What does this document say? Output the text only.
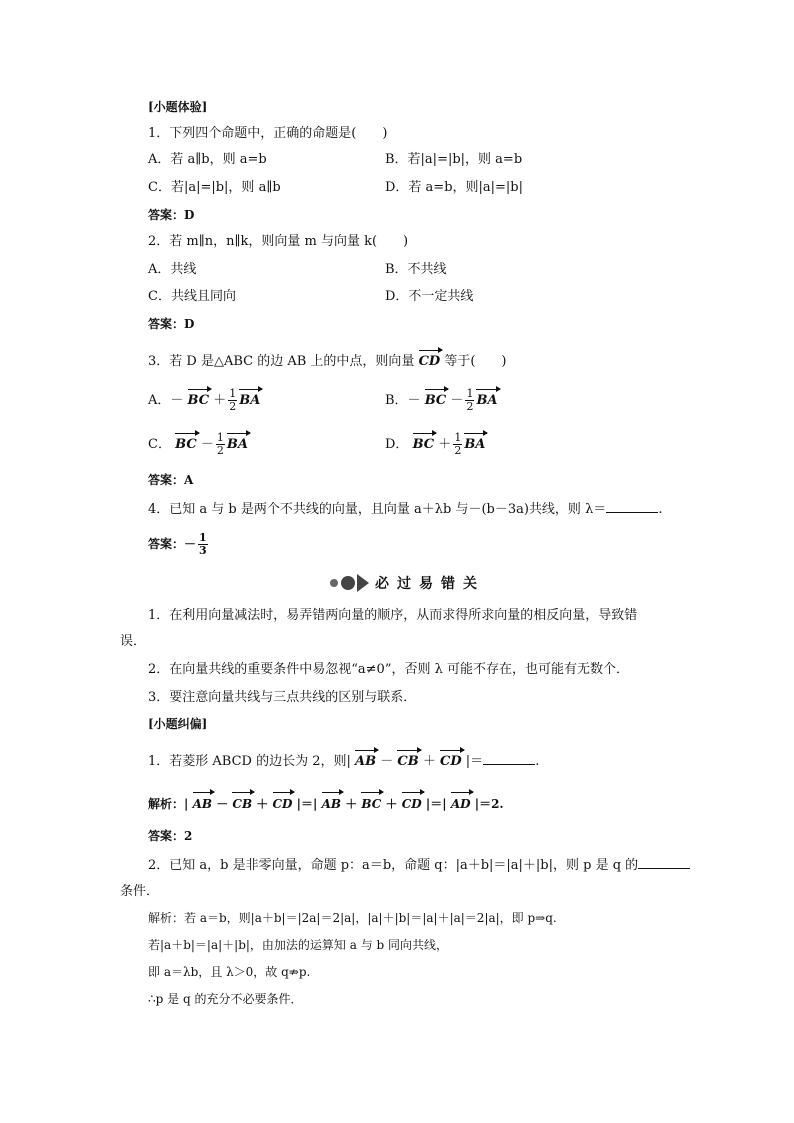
[小题体验]
1．下列四个命题中，正确的命题是(　　)
A．若 a∥b，则 a=b	B．若|a|=|b|，则 a=b
C．若|a|=|b|，则 a∥b	D．若 a=b，则|a|=|b|
答案：D
2．若 m∥n，n∥k，则向量 m 与向量 k(　　)
A．共线	B．不共线
C．共线且同向	D．不一定共线
答案：D
3．若 D 是△ABC 的边 AB 上的中点，则向量 CD 等于(　　)
A．－ BC ＋ $\frac{1}{2}$ BA	B．－ BC － $\frac{1}{2}$ BA
C． BC － $\frac{1}{2}$ BA	D． BC ＋ $\frac{1}{2}$ BA
答案：A
4．已知 a 与 b 是两个不共线的向量，且向量 a＋λb 与－(b－3a)共线，则 λ＝	.
答案：－ $\frac{1}{3}$
必过易错关
1．在利用向量减法时，易弄错两向量的顺序，从而求得所求向量的相反向量，导致错
误．
2．在向量共线的重要条件中易忽视“a≠0”，否则 λ 可能不存在，也可能有无数个．
3．要注意向量共线与三点共线的区别与联系．
[小题纠偏]
1．若菱形 ABCD 的边长为 2，则| AB － CB ＋ CD |＝	.
解析：| AB － CB ＋ CD |＝| AB ＋ BC ＋ CD |＝| AD |＝2.
答案：2
2．已知 a，b 是非零向量，命题 p：a＝b，命题 q：|a＋b|＝|a|＋|b|，则 p 是 q 的
条件．
解析：若 a＝b，则|a＋b|＝|2a|＝2|a|，|a|＋|b|＝|a|＋|a|＝2|a|，即 p⇒q.
若|a＋b|＝|a|＋|b|，由加法的运算知 a 与 b 同向共线，
即 a＝λb，且 λ＞0，故 q⇏p.
∴p 是 q 的充分不必要条件．
